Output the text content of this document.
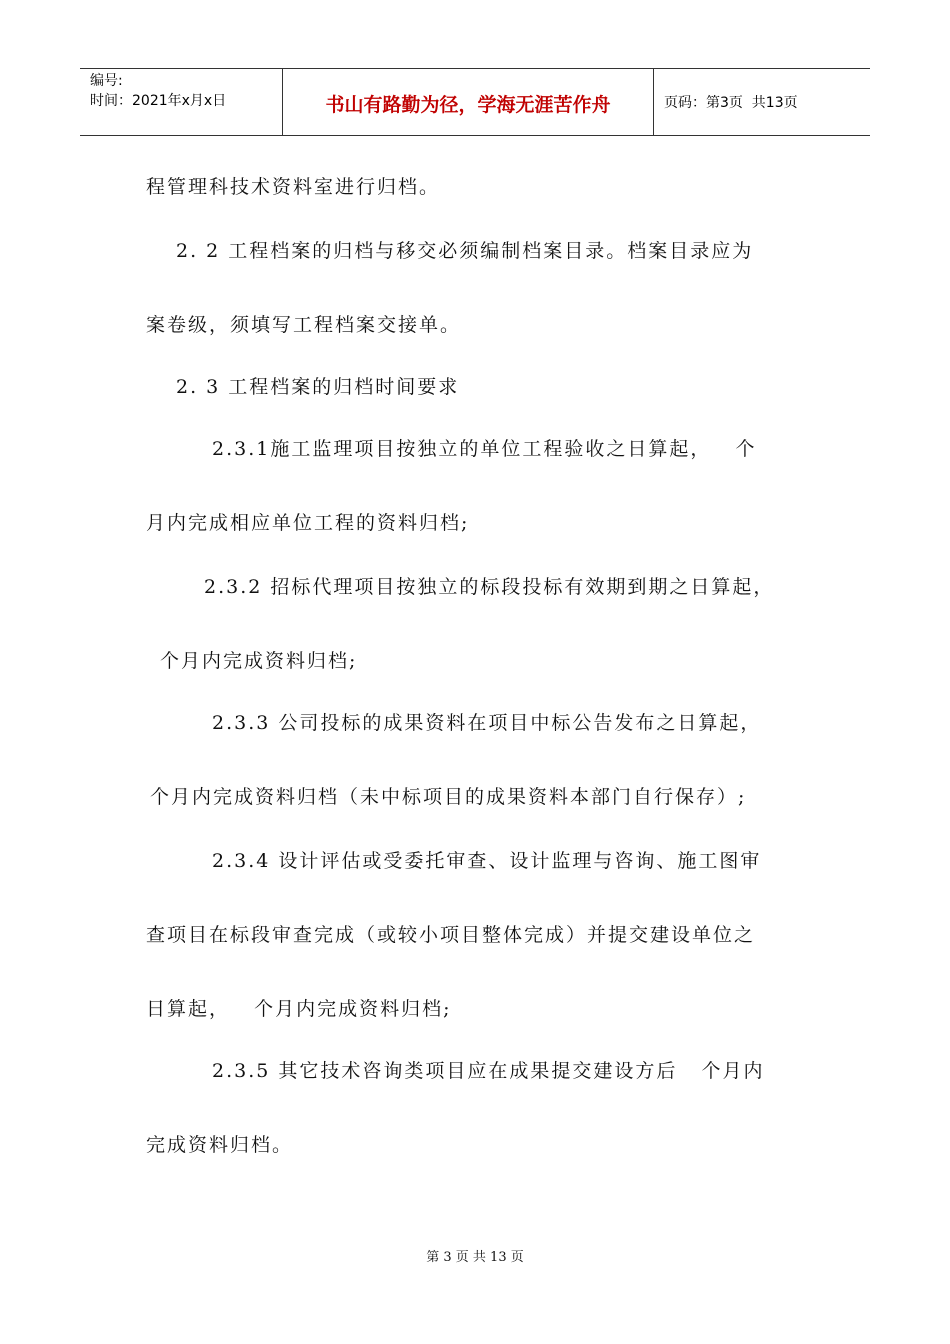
编号:
时间：2021年x月x日	书山有路勤为径，学海无涯苦作舟	页码：第3页  共13页
程管理科技术资料室进行归档。
2. 2 工程档案的归档与移交必须编制档案目录。档案目录应为
案卷级，须填写工程档案交接单。
2. 3 工程档案的归档时间要求
2.3.1施工监理项目按独立的单位工程验收之日算起，   个
月内完成相应单位工程的资料归档;
2.3.2 招标代理项目按独立的标段投标有效期到期之日算起，
个月内完成资料归档;
2.3.3 公司投标的成果资料在项目中标公告发布之日算起，
个月内完成资料归档（未中标项目的成果资料本部门自行保存）;
2.3.4 设计评估或受委托审查、设计监理与咨询、施工图审
查项目在标段审查完成（或较小项目整体完成）并提交建设单位之
日算起，   个月内完成资料归档;
2.3.5 其它技术咨询类项目应在成果提交建设方后   个月内
完成资料归档。
第 3 页 共 13 页
